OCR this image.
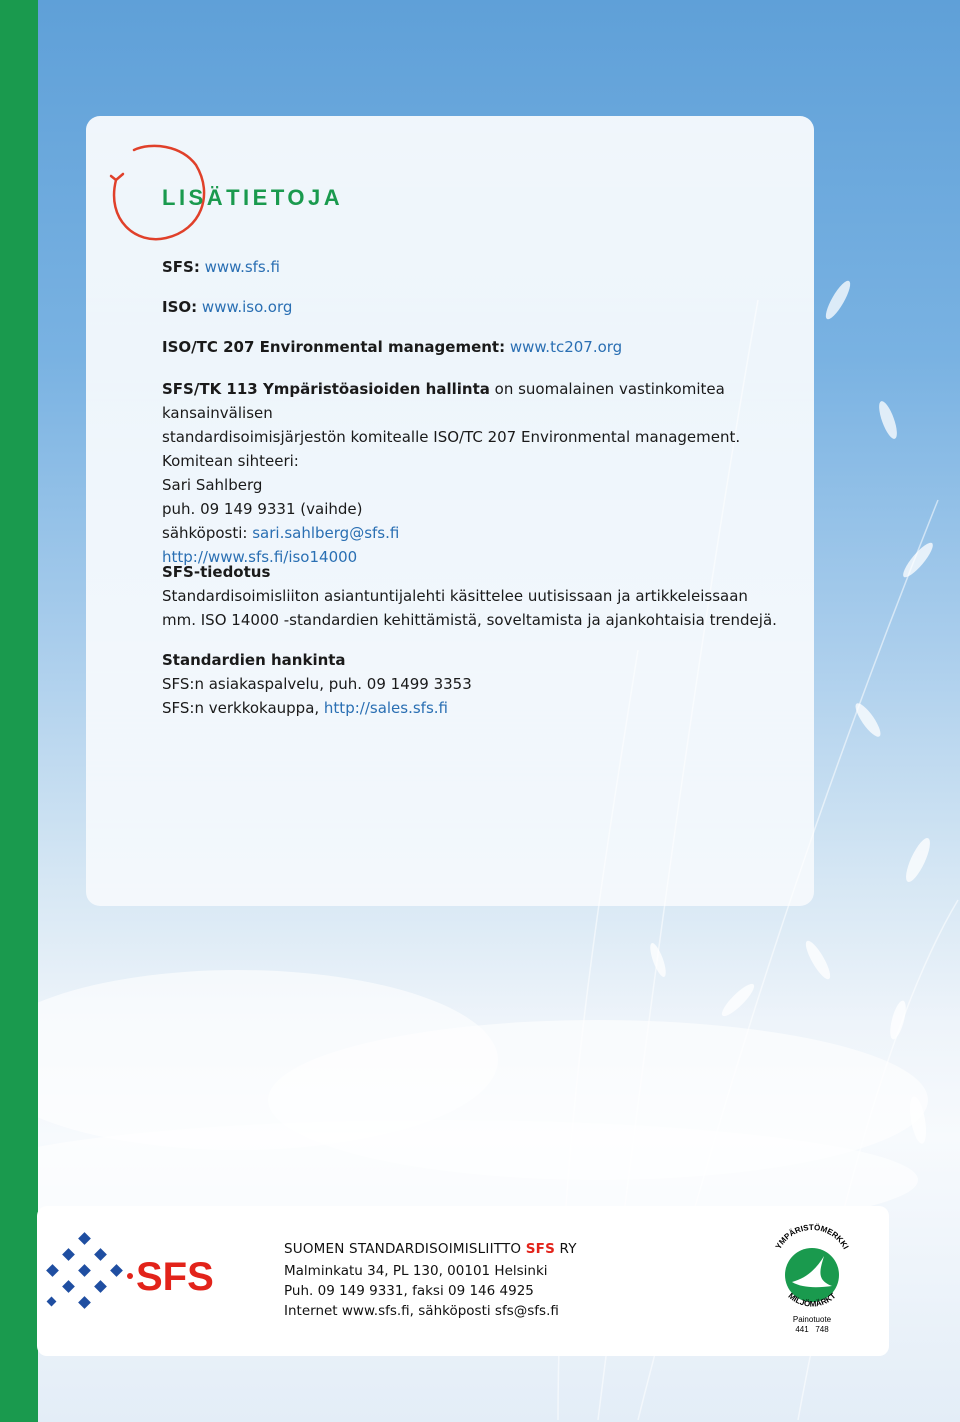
LISÄTIETOJA
SFS: www.sfs.fi
ISO: www.iso.org
ISO/TC 207 Environmental management: www.tc207.org
SFS/TK 113 Ympäristöasioiden hallinta on suomalainen vastinkomitea kansainvälisen
standardisoimisjärjestön komitealle ISO/TC 207 Environmental management.
Komitean sihteeri:
Sari Sahlberg
puh. 09 149 9331 (vaihde)
sähköposti: sari.sahlberg@sfs.fi
http://www.sfs.fi/iso14000
SFS-tiedotus
Standardisoimisliiton asiantuntijalehti käsittelee uutisissaan ja artikkeleissaan
mm. ISO 14000 -standardien kehittämistä, soveltamista ja ajankohtaisia trendejä.
Standardien hankinta
SFS:n asiakaspalvelu, puh. 09 1499 3353
SFS:n verkkokauppa, http://sales.sfs.fi
SFS
SUOMEN STANDARDISOIMISLIITTO SFS RY
Malminkatu 34, PL 130, 00101 Helsinki
Puh. 09 149 9331, faksi 09 146 4925
Internet www.sfs.fi, sähköposti sfs@sfs.fi
YMPÄRISTÖMERKKI
MILJÖMÄRKT
Painotuote
441   748
